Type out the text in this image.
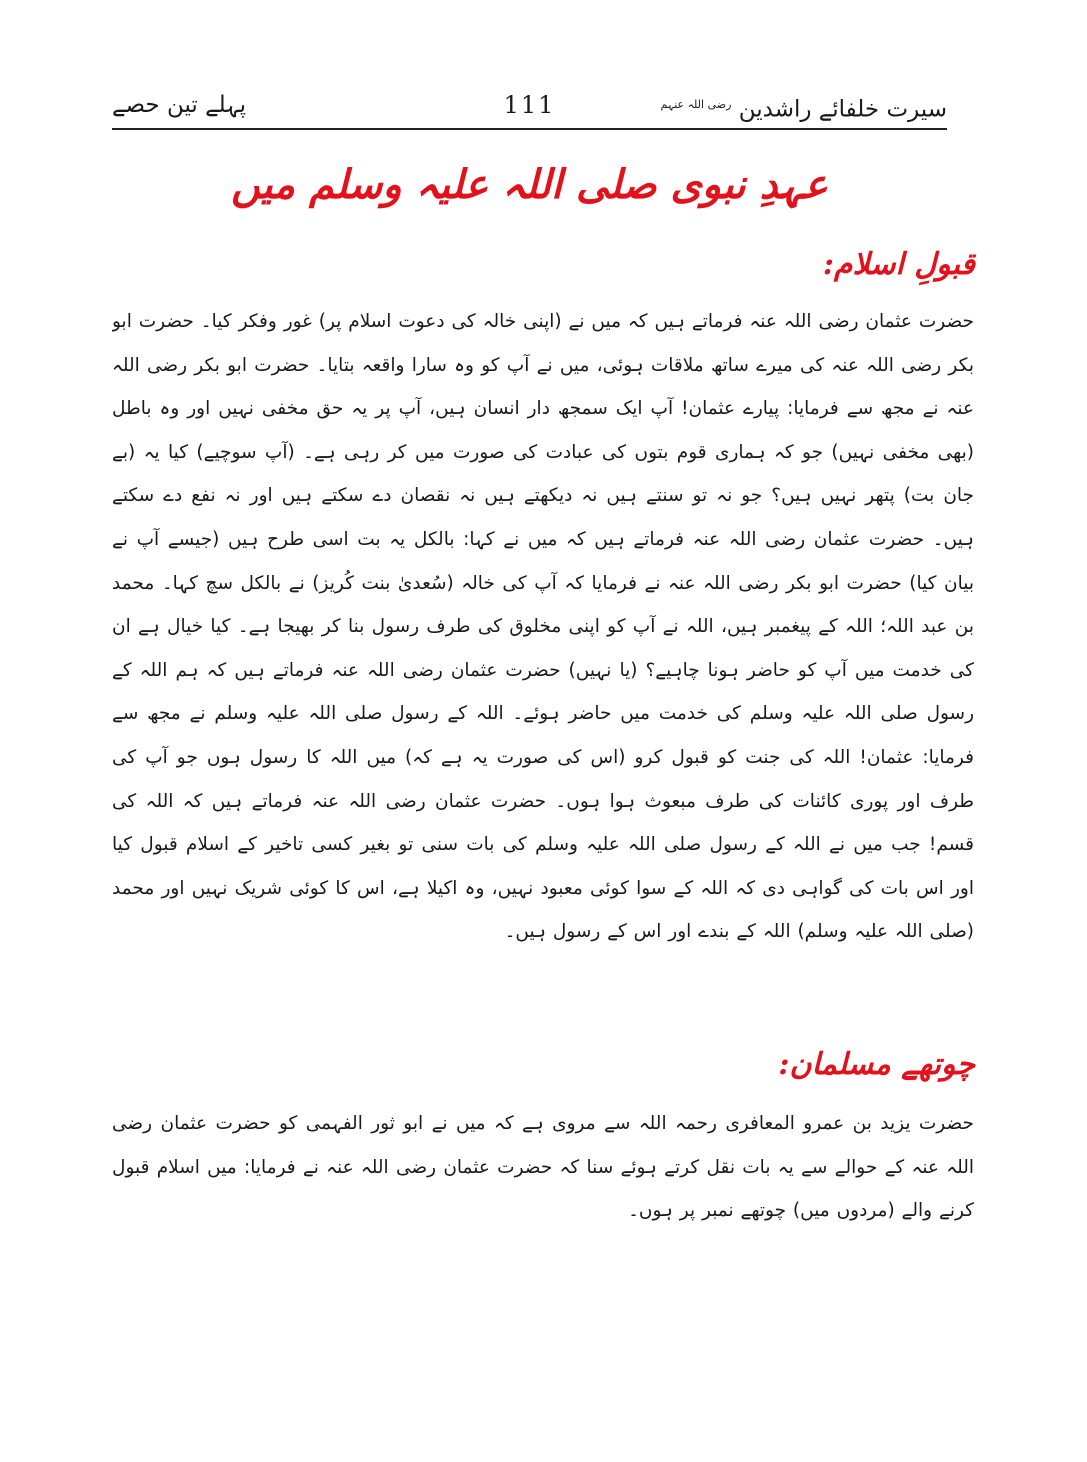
سیرت خلفائے راشدین $^{رضی اللہ عنہم}$
111
پہلے تین حصے
عہدِ نبوی صلی اللہ علیہ وسلم میں
قبولِ اسلام:
حضرت عثمان رضی اللہ عنہ فرماتے ہیں کہ میں نے (اپنی خالہ کی دعوت اسلام پر) غور وفکر کیا۔ حضرت ابو بکر رضی اللہ عنہ کی میرے ساتھ ملاقات ہوئی، میں نے آپ کو وہ سارا واقعہ بتایا۔ حضرت ابو بکر رضی اللہ عنہ نے مجھ سے فرمایا: پیارے عثمان! آپ ایک سمجھ دار انسان ہیں، آپ پر یہ حق مخفی نہیں اور وہ باطل (بھی مخفی نہیں) جو کہ ہماری قوم بتوں کی عبادت کی صورت میں کر رہی ہے۔ (آپ سوچیے) کیا یہ (بے جان بت) پتھر نہیں ہیں؟ جو نہ تو سنتے ہیں نہ دیکھتے ہیں نہ نقصان دے سکتے ہیں اور نہ نفع دے سکتے ہیں۔ حضرت عثمان رضی اللہ عنہ فرماتے ہیں کہ میں نے کہا: بالکل یہ بت اسی طرح ہیں (جیسے آپ نے بیان کیا) حضرت ابو بکر رضی اللہ عنہ نے فرمایا کہ آپ کی خالہ (سُعدیٰ بنت کُریز) نے بالکل سچ کہا۔ محمد بن عبد اللہ؛ اللہ کے پیغمبر ہیں، اللہ نے آپ کو اپنی مخلوق کی طرف رسول بنا کر بھیجا ہے۔ کیا خیال ہے ان کی خدمت میں آپ کو حاضر ہونا چاہیے؟ (یا نہیں) حضرت عثمان رضی اللہ عنہ فرماتے ہیں کہ ہم اللہ کے رسول صلی اللہ علیہ وسلم کی خدمت میں حاضر ہوئے۔ اللہ کے رسول صلی اللہ علیہ وسلم نے مجھ سے فرمایا: عثمان! اللہ کی جنت کو قبول کرو (اس کی صورت یہ ہے کہ) میں اللہ کا رسول ہوں جو آپ کی طرف اور پوری کائنات کی طرف مبعوث ہوا ہوں۔ حضرت عثمان رضی اللہ عنہ فرماتے ہیں کہ اللہ کی قسم! جب میں نے اللہ کے رسول صلی اللہ علیہ وسلم کی بات سنی تو بغیر کسی تاخیر کے اسلام قبول کیا اور اس بات کی گواہی دی کہ اللہ کے سوا کوئی معبود نہیں، وہ اکیلا ہے، اس کا کوئی شریک نہیں اور محمد (صلی اللہ علیہ وسلم) اللہ کے بندے اور اس کے رسول ہیں۔
چوتھے مسلمان:
حضرت یزید بن عمرو المعافری رحمہ اللہ سے مروی ہے کہ میں نے ابو ثور الفہمی کو حضرت عثمان رضی اللہ عنہ کے حوالے سے یہ بات نقل کرتے ہوئے سنا کہ حضرت عثمان رضی اللہ عنہ نے فرمایا: میں اسلام قبول کرنے والے (مردوں میں) چوتھے نمبر پر ہوں۔
